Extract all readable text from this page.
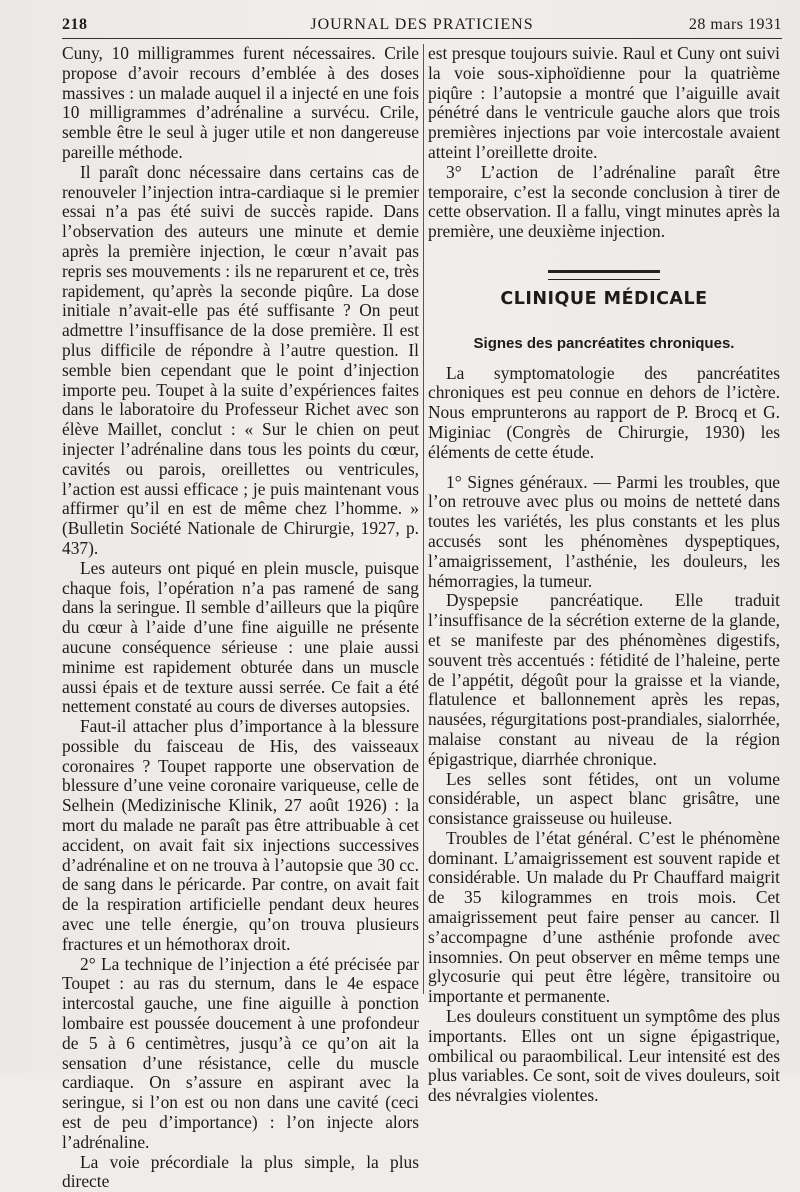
218	JOURNAL DES PRATICIENS	28 mars 1931

Cuny, 10 milligrammes furent nécessaires. Crile propose d’avoir recours d’emblée à des doses massives : un malade auquel il a injecté en une fois 10 milligrammes d’adrénaline a survécu. Crile, semble être le seul à juger utile et non dangereuse pareille méthode.

Il paraît donc nécessaire dans certains cas de renouveler l’injection intra-cardiaque si le premier essai n’a pas été suivi de succès rapide. Dans l’observation des auteurs une minute et demie après la première injection, le cœur n’avait pas repris ses mouvements : ils ne reparurent et ce, très rapidement, qu’après la seconde piqûre. La dose initiale n’avait-elle pas été suffisante ? On peut admettre l’insuffisance de la dose première. Il est plus difficile de répondre à l’autre question. Il semble bien cependant que le point d’injection importe peu. Toupet à la suite d’expériences faites dans le laboratoire du Professeur Richet avec son élève Maillet, conclut : « Sur le chien on peut injecter l’adrénaline dans tous les points du cœur, cavités ou parois, oreillettes ou ventricules, l’action est aussi efficace ; je puis maintenant vous affirmer qu’il en est de même chez l’homme. » (Bulletin Société Nationale de Chirurgie, 1927, p. 437).

Les auteurs ont piqué en plein muscle, puisque chaque fois, l’opération n’a pas ramené de sang dans la seringue. Il semble d’ailleurs que la piqûre du cœur à l’aide d’une fine aiguille ne présente aucune conséquence sérieuse : une plaie aussi minime est rapidement obturée dans un muscle aussi épais et de texture aussi serrée. Ce fait a été nettement constaté au cours de diverses autopsies.

Faut-il attacher plus d’importance à la blessure possible du faisceau de His, des vaisseaux coronaires ? Toupet rapporte une observation de blessure d’une veine coronaire variqueuse, celle de Selhein (Medizinische Klinik, 27 août 1926) : la mort du malade ne paraît pas être attribuable à cet accident, on avait fait six injections successives d’adrénaline et on ne trouva à l’autopsie que 30 cc. de sang dans le péricarde. Par contre, on avait fait de la respiration artificielle pendant deux heures avec une telle énergie, qu’on trouva plusieurs fractures et un hémothorax droit.

2° La technique de l’injection a été précisée par Toupet : au ras du sternum, dans le 4e espace intercostal gauche, une fine aiguille à ponction lombaire est poussée doucement à une profondeur de 5 à 6 centimètres, jusqu’à ce qu’on ait la sensation d’une résistance, celle du muscle cardiaque. On s’assure en aspirant avec la seringue, si l’on est ou non dans une cavité (ceci est de peu d’importance) : l’on injecte alors l’adrénaline.

La voie précordiale la plus simple, la plus directe

est presque toujours suivie. Raul et Cuny ont suivi la voie sous-xiphoïdienne pour la quatrième piqûre : l’autopsie a montré que l’aiguille avait pénétré dans le ventricule gauche alors que trois premières injections par voie intercostale avaient atteint l’oreillette droite.

3° L’action de l’adrénaline paraît être temporaire, c’est la seconde conclusion à tirer de cette observation. Il a fallu, vingt minutes après la première, une deuxième injection.

CLINIQUE MÉDICALE
Signes des pancréatites chroniques.

La symptomatologie des pancréatites chroniques est peu connue en dehors de l’ictère. Nous emprunterons au rapport de P. Brocq et G. Miginiac (Congrès de Chirurgie, 1930) les éléments de cette étude.

1° Signes généraux. — Parmi les troubles, que l’on retrouve avec plus ou moins de netteté dans toutes les variétés, les plus constants et les plus accusés sont les phénomènes dyspeptiques, l’amaigrissement, l’asthénie, les douleurs, les hémorragies, la tumeur.

Dyspepsie pancréatique. Elle traduit l’insuffisance de la sécrétion externe de la glande, et se manifeste par des phénomènes digestifs, souvent très accentués : fétidité de l’haleine, perte de l’appétit, dégoût pour la graisse et la viande, flatulence et ballonnement après les repas, nausées, régurgitations post-prandiales, sialorrhée, malaise constant au niveau de la région épigastrique, diarrhée chronique.

Les selles sont fétides, ont un volume considérable, un aspect blanc grisâtre, une consistance graisseuse ou huileuse.

Troubles de l’état général. C’est le phénomène dominant. L’amaigrissement est souvent rapide et considérable. Un malade du Pr Chauffard maigrit de 35 kilogrammes en trois mois. Cet amaigrissement peut faire penser au cancer. Il s’accompagne d’une asthénie profonde avec insomnies. On peut observer en même temps une glycosurie qui peut être légère, transitoire ou importante et permanente.

Les douleurs constituent un symptôme des plus importants. Elles ont un signe épigastrique, ombilical ou paraombilical. Leur intensité est des plus variables. Ce sont, soit de vives douleurs, soit des névralgies violentes.
